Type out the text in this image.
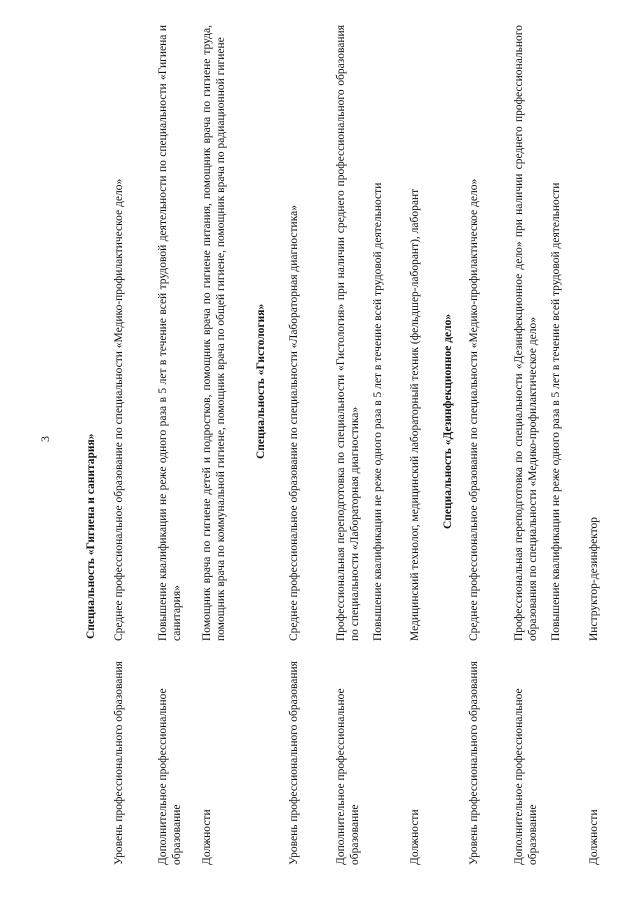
3	Специальность «Гигиена и санитария»
Уровень профессионального образования
Среднее профессиональное образование по специальности «Медико-профилактическое дело»
Дополнительное профессиональное образование

Повышение квалификации не реже одного раза в 5 лет в течение всей трудовой деятельности по специальности «Гигиена и санитария»

Должности
Помощник врача по гигиене детей и подростков, помощник врача по гигиене питания, помощник врача по гигиене труда, помощник врача по коммунальной гигиене, помощник врача по общей гигиене, помощник врача по радиационной гигиене Специальность «Гистология»
Уровень профессионального образования
Среднее профессиональное образование по специальности «Лабораторная диагностика»
Дополнительное профессиональное образование

Профессиональная переподготовка по специальности «Гистология» при наличии среднего профессионального образования по специальности «Лабораторная диагностика» Повышение квалификации не реже одного раза в 5 лет в течение всей трудовой деятельности

Должности
Медицинский технолог, медицинский лабораторный техник (фельдшер-лаборант), лаборант Специальность «Дезинфекционное дело»
Уровень профессионального образования
Среднее профессиональное образование по специальности «Медико-профилактическое дело»
Дополнительное профессиональное образование

Профессиональная переподготовка по специальности «Дезинфекционное дело» при наличии среднего профессионального образования по специальности «Медико-профилактическое дело» Повышение квалификации не реже одного раза в 5 лет в течение всей трудовой деятельности

Должности
Инструктор-дезинфектор
